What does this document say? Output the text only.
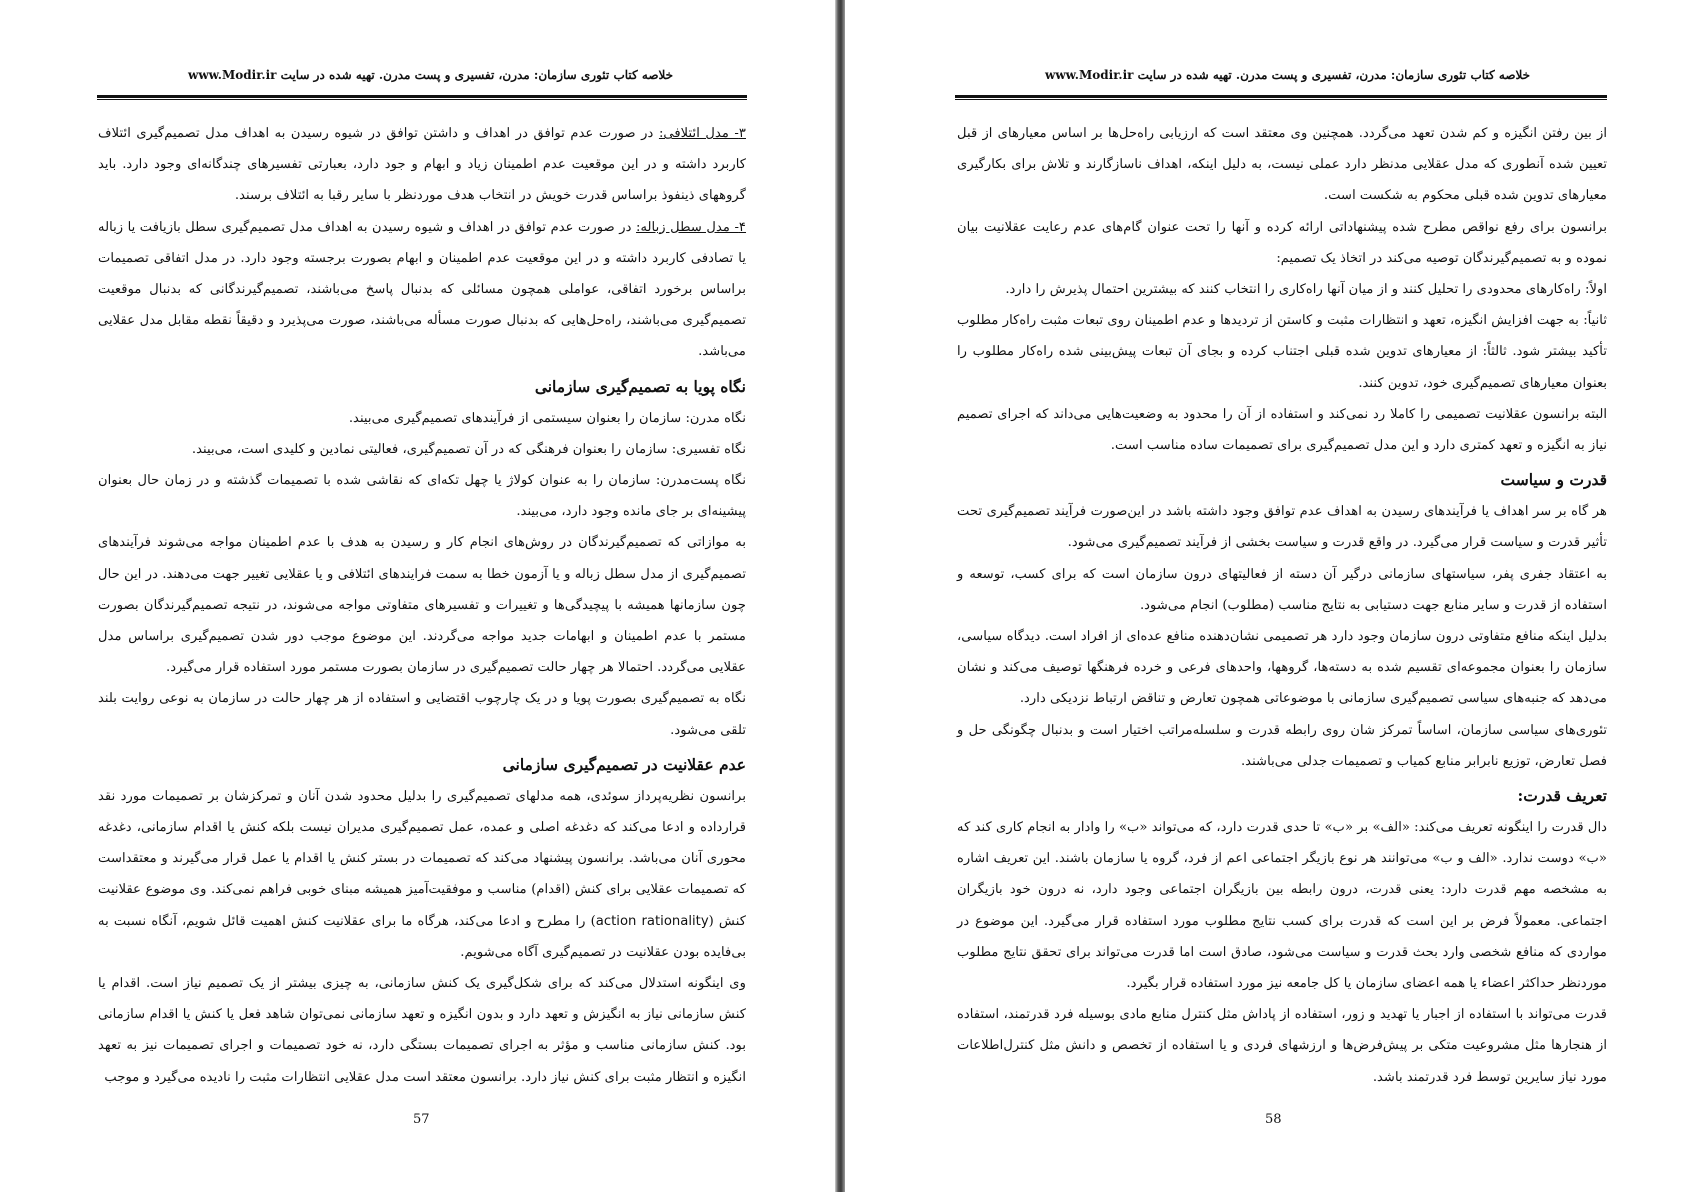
خلاصه کتاب تئوری سازمان: مدرن، تفسیری و پست مدرن. تهیه شده در سایت www.Modir.ir

۳- مدل ائتلافی: در صورت عدم توافق در اهداف و داشتن توافق در شیوه رسیدن به اهداف مدل تصمیم‌گیری ائتلاف کاربرد داشته و در این موقعیت عدم اطمینان زیاد و ابهام و جود دارد، بعبارتی تفسیرهای چندگانه‌ای وجود دارد. باید گروههای ذینفوذ براساس قدرت خویش در انتخاب هدف موردنظر با سایر رقبا به ائتلاف برسند.

۴- مدل سطل زباله: در صورت عدم توافق در اهداف و شیوه رسیدن به اهداف مدل تصمیم‌گیری سطل بازیافت یا زباله یا تصادفی کاربرد داشته و در این موقعیت عدم اطمینان و ابهام بصورت برجسته وجود دارد. در مدل اتفاقی تصمیمات براساس برخورد اتفاقی، عواملی همچون مسائلی که بدنبال پاسخ می‌باشند، تصمیم‌گیرندگانی که بدنبال موقعیت تصمیم‌گیری می‌باشند، راه‌حل‌هایی که بدنبال صورت مسأله می‌باشند، صورت می‌پذیرد و دقیقاً نقطه مقابل مدل عقلایی می‌باشد.

نگاه پویا به تصمیم‌گیری سازمانی

نگاه مدرن: سازمان را بعنوان سیستمی از فرآیندهای تصمیم‌گیری می‌بیند.

نگاه تفسیری: سازمان را بعنوان فرهنگی که در آن تصمیم‌گیری، فعالیتی نمادین و کلیدی است، می‌بیند.

نگاه پست‌مدرن: سازمان را به عنوان کولاژ یا چهل تکه‌ای که نقاشی شده با تصمیمات گذشته و در زمان حال بعنوان پیشینه‌ای بر جای مانده وجود دارد، می‌بیند.

به موازاتی که تصمیم‌گیرندگان در روش‌های انجام کار و رسیدن به هدف با عدم اطمینان مواجه می‌شوند فرآیندهای تصمیم‌گیری از مدل سطل زباله و یا آزمون خطا به سمت فرایندهای ائتلافی و یا عقلایی تغییر جهت می‌دهند. در این حال چون سازمانها همیشه با پیچیدگی‌ها و تغییرات و تفسیرهای متفاوتی مواجه می‌شوند، در نتیجه تصمیم‌گیرندگان بصورت مستمر با عدم اطمینان و ابهامات جدید مواجه می‌گردند. این موضوع موجب دور شدن تصمیم‌گیری براساس مدل عقلایی می‌گردد. احتمالا هر چهار حالت تصمیم‌گیری در سازمان بصورت مستمر مورد استفاده قرار می‌گیرد.

نگاه به تصمیم‌گیری بصورت پویا و در یک چارچوب اقتضایی و استفاده از هر چهار حالت در سازمان به نوعی روایت بلند تلقی می‌شود.

عدم عقلانیت در تصمیم‌گیری سازمانی

برانسون نظریه‌پرداز سوئدی، همه مدلهای تصمیم‌گیری را بدلیل محدود شدن آنان و تمرکزشان بر تصمیمات مورد نقد قرارداده و ادعا می‌کند که دغدغه اصلی و عمده، عمل تصمیم‌گیری مدیران نیست بلکه کنش یا اقدام سازمانی، دغدغه محوری آنان می‌باشد. برانسون پیشنهاد می‌کند که تصمیمات در بستر کنش یا اقدام یا عمل قرار می‌گیرند و معتقداست که تصمیمات عقلایی برای کنش (اقدام) مناسب و موفقیت‌آمیز همیشه مبنای خوبی فراهم نمی‌کند. وی موضوع عقلانیت کنش (action rationality) را مطرح و ادعا می‌کند، هرگاه ما برای عقلانیت کنش اهمیت قائل شویم، آنگاه نسبت به بی‌فایده بودن عقلانیت در تصمیم‌گیری آگاه می‌شویم.

وی اینگونه استدلال می‌کند که برای شکل‌گیری یک کنش سازمانی، به چیزی بیشتر از یک تصمیم نیاز است. اقدام یا کنش سازمانی نیاز به انگیزش و تعهد دارد و بدون انگیزه و تعهد سازمانی نمی‌توان شاهد فعل یا کنش یا اقدام سازمانی بود. کنش سازمانی مناسب و مؤثر به اجرای تصمیمات بستگی دارد، نه خود تصمیمات و اجرای تصمیمات نیز به تعهد انگیزه و انتظار مثبت برای کنش نیاز دارد. برانسون معتقد است مدل عقلایی انتظارات مثبت را نادیده می‌گیرد و موجب

57
خلاصه کتاب تئوری سازمان: مدرن، تفسیری و پست مدرن. تهیه شده در سایت www.Modir.ir

از بین رفتن انگیزه و کم شدن تعهد می‌گردد. همچنین وی معتقد است که ارزیابی راه‌حل‌ها بر اساس معیارهای از قبل تعیین شده آنطوری که مدل عقلایی مدنظر دارد عملی نیست، به دلیل اینکه، اهداف ناسازگارند و تلاش برای بکارگیری معیارهای تدوین شده قبلی محکوم به شکست است.

برانسون برای رفع نواقص مطرح شده پیشنهاداتی ارائه کرده و آنها را تحت عنوان گام‌های عدم رعایت عقلانیت بیان نموده و به تصمیم‌گیرندگان توصیه می‌کند در اتخاذ یک تصمیم:

اولاً: راه‌کارهای محدودی را تحلیل کنند و از میان آنها راه‌کاری را انتخاب کنند که بیشترین احتمال پذیرش را دارد.

ثانیاً: به جهت افزایش انگیزه، تعهد و انتظارات مثبت و کاستن از تردیدها و عدم اطمینان روی تبعات مثبت راه‌کار مطلوب تأکید بیشتر شود. ثالثاً: از معیارهای تدوین شده قبلی اجتناب کرده و بجای آن تبعات پیش‌بینی شده راه‌کار مطلوب را بعنوان معیارهای تصمیم‌گیری خود، تدوین کنند.

البته برانسون عقلانیت تصمیمی را کاملا رد نمی‌کند و استفاده از آن را محدود به وضعیت‌هایی می‌داند که اجرای تصمیم نیاز به انگیزه و تعهد کمتری دارد و این مدل تصمیم‌گیری برای تصمیمات ساده مناسب است.

قدرت و سیاست

هر گاه بر سر اهداف یا فرآیندهای رسیدن به اهداف عدم توافق وجود داشته باشد در این‌صورت فرآیند تصمیم‌گیری تحت تأثیر قدرت و سیاست قرار می‌گیرد. در واقع قدرت و سیاست بخشی از فرآیند تصمیم‌گیری می‌شود.

به اعتقاد جفری پفر، سیاستهای سازمانی درگیر آن دسته از فعالیتهای درون سازمان است که برای کسب، توسعه و استفاده از قدرت و سایر منابع جهت دستیابی به نتایج مناسب (مطلوب) انجام می‌شود.

بدلیل اینکه منافع متفاوتی درون سازمان وجود دارد هر تصمیمی نشان‌دهنده منافع عده‌ای از افراد است. دیدگاه سیاسی، سازمان را بعنوان مجموعه‌ای تقسیم شده به دسته‌ها، گروهها، واحدهای فرعی و خرده فرهنگها توصیف می‌کند و نشان می‌دهد که جنبه‌های سیاسی تصمیم‌گیری سازمانی با موضوعاتی همچون تعارض و تناقض ارتباط نزدیکی دارد.

تئوری‌های سیاسی سازمان، اساساً تمرکز شان روی رابطه قدرت و سلسله‌مراتب اختیار است و بدنبال چگونگی حل و فصل تعارض، توزیع نابرابر منابع کمیاب و تصمیمات جدلی می‌باشند.

تعریف قدرت:

دال قدرت را اینگونه تعریف می‌کند: «الف» بر «ب» تا حدی قدرت دارد، که می‌تواند «ب» را وادار به انجام کاری کند که «ب» دوست ندارد. «الف و ب» می‌توانند هر نوع بازیگر اجتماعی اعم از فرد، گروه یا سازمان باشند. این تعریف اشاره به مشخصه مهم قدرت دارد: یعنی قدرت، درون رابطه بین بازیگران اجتماعی وجود دارد، نه درون خود بازیگران اجتماعی. معمولاً فرض بر این است که قدرت برای کسب نتایج مطلوب مورد استفاده قرار می‌گیرد. این موضوع در مواردی که منافع شخصی وارد بحث قدرت و سیاست می‌شود، صادق است اما قدرت می‌تواند برای تحقق نتایج مطلوب موردنظر حداکثر اعضاء یا همه اعضای سازمان یا کل جامعه نیز مورد استفاده قرار بگیرد.

قدرت می‌تواند با استفاده از اجبار یا تهدید و زور، استفاده از پاداش مثل کنترل منابع مادی بوسیله فرد قدرتمند، استفاده از هنجارها مثل مشروعیت متکی بر پیش‌فرض‌ها و ارزشهای فردی و یا استفاده از تخصص و دانش مثل کنترل‌اطلاعات مورد نیاز سایرین توسط فرد قدرتمند باشد.

58
